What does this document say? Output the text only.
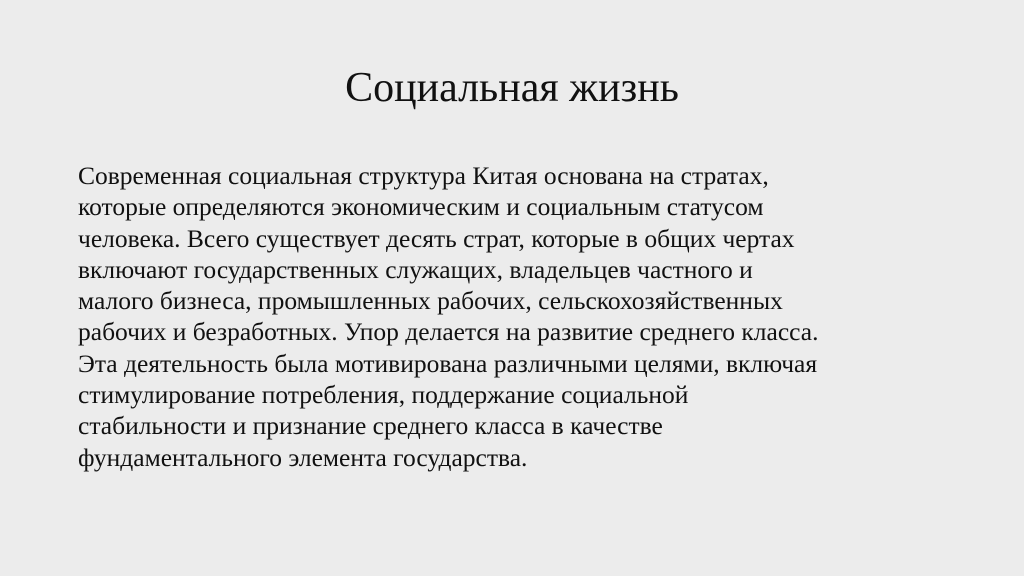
Социальная жизнь

Современная социальная структура Китая основана на стратах,
которые определяются экономическим и социальным статусом
человека. Всего существует десять страт, которые в общих чертах
включают государственных служащих, владельцев частного и
малого бизнеса, промышленных рабочих, сельскохозяйственных
рабочих и безработных. Упор делается на развитие среднего класса.
Эта деятельность была мотивирована различными целями, включая
стимулирование потребления, поддержание социальной
стабильности и признание среднего класса в качестве
фундаментального элемента государства.
